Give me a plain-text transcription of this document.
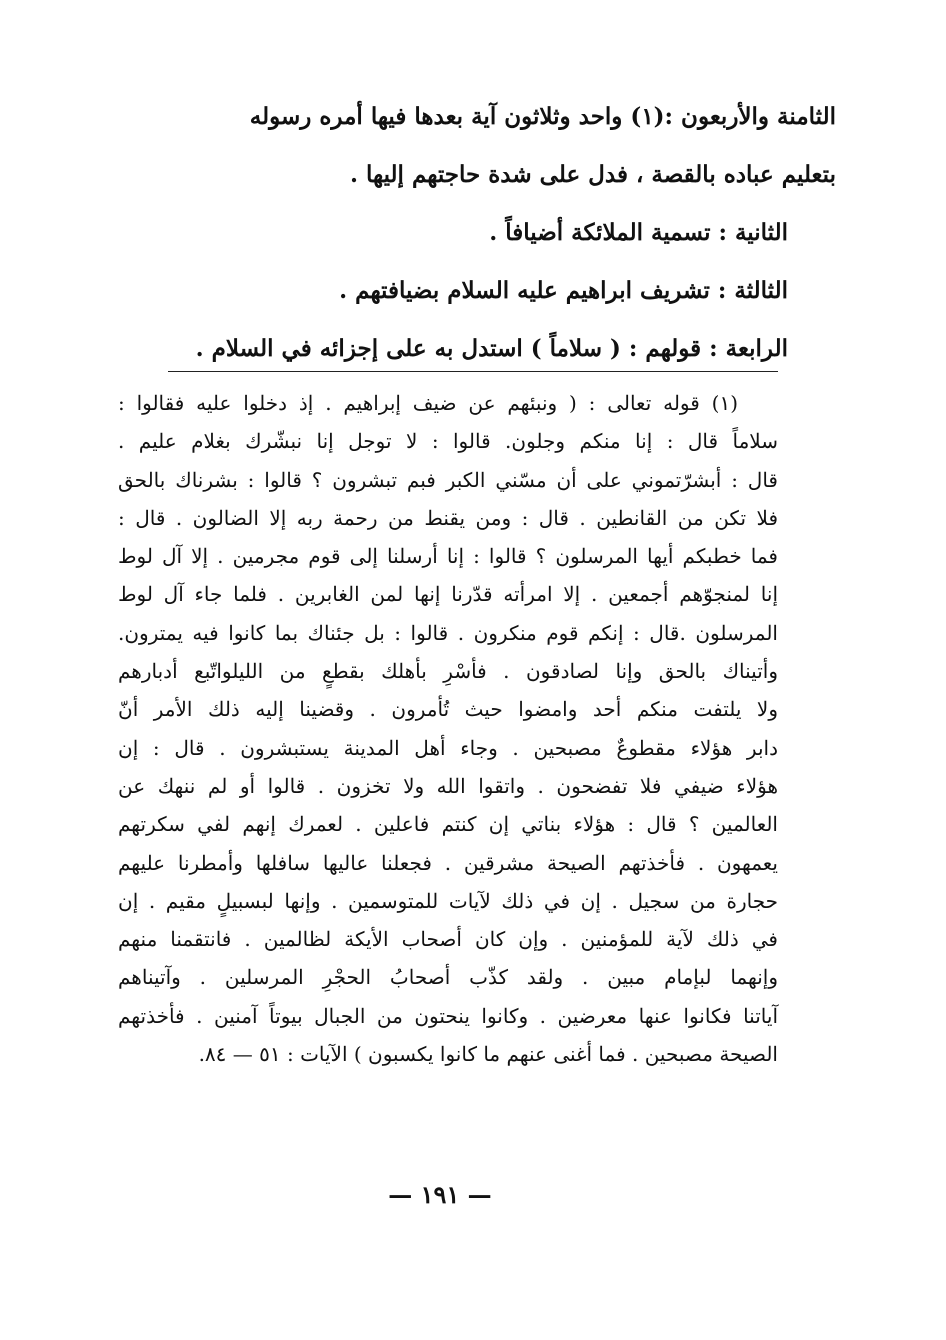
الثامنة والأربعون :(١) واحد وثلاثون آية بعدها فيها أمره رسوله

بتعليم عباده بالقصة ، فدل على شدة حاجتهم إليها .

الثانية : تسمية الملائكة أضيافاً .

الثالثة : تشريف ابراهيم عليه السلام بضيافتهم .

الرابعة : قولهم : ( سلاماً ) استدل به على إجزائه في السلام .

(١) قوله تعالى : ( ونبئهم عن ضيف إبراهيم . إذ دخلوا عليه فقالوا :

سلاماً قال : إنا منكم وجلون. قالوا : لا توجل إنا نبشّرك بغلام عليم .

قال : أبشرّتموني على أن مسّني الكبر فبم تبشرون ؟ قالوا : بشرناك بالحق

فلا تكن من القانطين . قال : ومن يقنط من رحمة ربه إلا الضالون . قال :

فما خطبكم أيها المرسلون ؟ قالوا : إنا أرسلنا إلى قوم مجرمين . إلا آل لوط

إنا لمنجوّهم أجمعين . إلا امرأته قدّرنا إنها لمن الغابرين . فلما جاء آل لوط

المرسلون .قال : إنكم قوم منكرون . قالوا : بل جئناك بما كانوا فيه يمترون.

وأتيناك بالحق وإنا لصادقون . فأسْرِ بأهلك بقطعٍ من الليلواتّبع أدبارهم

ولا يلتفت منكم أحد وامضوا حيث تُأمرون . وقضينا إليه ذلك الأمر أنّ

دابر هؤلاء مقطوعٌ مصبحين . وجاء أهل المدينة يستبشرون . قال : إن

هؤلاء ضيفي فلا تفضحون . واتقوا الله ولا تخزون . قالوا أو لم ننهك عن

العالمين ؟ قال : هؤلاء بناتي إن كنتم فاعلين . لعمرك إنهم لفي سكرتهم

يعمهون . فأخذتهم الصيحة مشرقين . فجعلنا عاليها سافلها وأمطرنا عليهم

حجارة من سجيل . إن في ذلك لآيات للمتوسمين . وإنها لبسبيلٍ مقيم . إن

في ذلك لآية للمؤمنين . وإن كان أصحاب الأيكة لظالمين . فانتقمنا منهم

وإنهما لبإمام مبين . ولقد كذّب أصحابُ الحجْرِ المرسلين . وآتيناهم

آياتنا فكانوا عنها معرضين . وكانوا ينحتون من الجبال بيوتاً آمنين . فأخذتهم

الصيحة مصبحين . فما أغنى عنهم ما كانوا يكسبون ) الآيات : ٥١ — ٨٤.

— ١٩١ —
